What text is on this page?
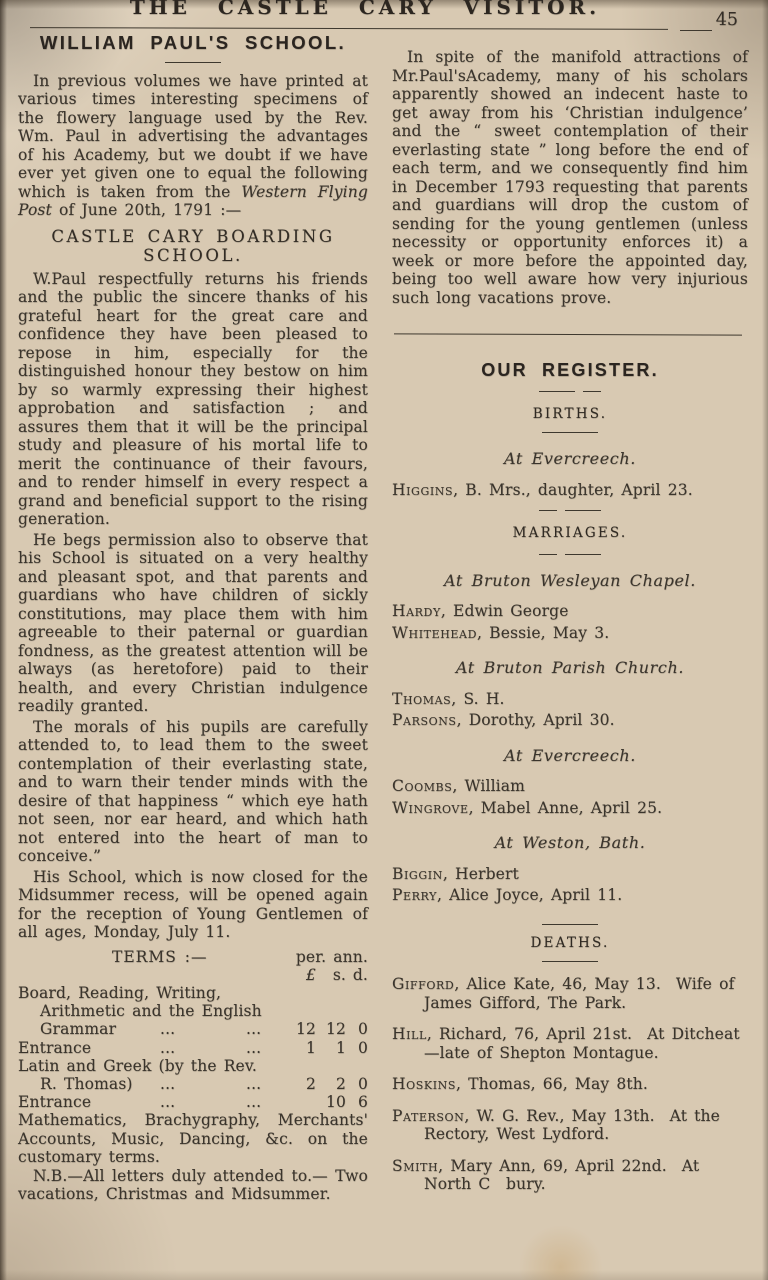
THE CASTLE CARY VISITOR.
45
WILLIAM PAUL'S SCHOOL.

In previous volumes we have printed at various times interesting specimens of the flowery language used by the Rev. Wm. Paul in advertising the advantages of his Academy, but we doubt if we have ever yet given one to equal the following which is taken from the Western Flying Post of June 20th, 1791 :—

CASTLE CARY BOARDING
SCHOOL.

W.Paul respectfully returns his friends and the public the sincere thanks of his grateful heart for the great care and confidence they have been pleased to repose in him, especially for the distinguished honour they bestow on him by so warmly expressing their highest approbation and satisfaction ; and assures them that it will be the principal study and pleasure of his mortal life to merit the continuance of their favours, and to render himself in every respect a grand and beneficial support to the rising generation.

He begs permission also to observe that his School is situated on a very healthy and pleasant spot, and that parents and guardians who have children of sickly constitutions, may place them with him agreeable to their paternal or guardian fondness, as the greatest attention will be always (as heretofore) paid to their health, and every Christian indulgence readily granted.

The morals of his pupils are carefully attended to, to lead them to the sweet contemplation of their everlasting state, and to warn their tender minds with the desire of that happiness “ which eye hath not seen, nor ear heard, and which hath not entered into the heart of man to conceive.”

His School, which is now closed for the Midsummer recess, will be opened again for the reception of Young Gentlemen of all ages, Monday, July 11.

TERMS :—	per. ann.
£	s. d.
Board, Reading, Writing,
Arithmetic and the English
Grammar	...	...	12 12 0
Entrance	...	...	1	1 0
Latin and Greek (by the Rev.
R. Thomas) ...	...	2	2 0
Entrance	...	...	10 6

Mathematics, Brachygraphy, Merchants' Accounts, Music, Dancing, &c. on the customary terms.

N.B.—All letters duly attended to.— Two vacations, Christmas and Midsummer.

In spite of the manifold attractions of Mr.Paul'sAcademy, many of his scholars apparently showed an indecent haste to get away from his ‘Christian indulgence’ and the “ sweet contemplation of their everlasting state ” long before the end of each term, and we consequently find him in December 1793 requesting that parents and guardians will drop the custom of sending for the young gentlemen (unless necessity or opportunity enforces it) a week or more before the appointed day, being too well aware how very injurious such long vacations prove.

OUR REGISTER.
BIRTHS.
At Evercreech.
Higgins, B. Mrs., daughter, April 23.
MARRIAGES.
At Bruton Wesleyan Chapel.
Hardy, Edwin George
Whitehead, Bessie, May 3.
At Bruton Parish Church.
Thomas, S. H.
Parsons, Dorothy, April 30.
At Evercreech.
Coombs, William
Wingrove, Mabel Anne, April 25.
At Weston, Bath.
Biggin, Herbert
Perry, Alice Joyce, April 11.
DEATHS.
Gifford, Alice Kate, 46, May 13.  Wife of James Gifford, The Park.
Hill, Richard, 76, April 21st.  At Ditcheat—late of Shepton Montague.
Hoskins, Thomas, 66, May 8th.
Paterson, W. G. Rev., May 13th.  At the Rectory, West Lydford.
Smith, Mary Ann, 69, April 22nd.  At North C bury.
